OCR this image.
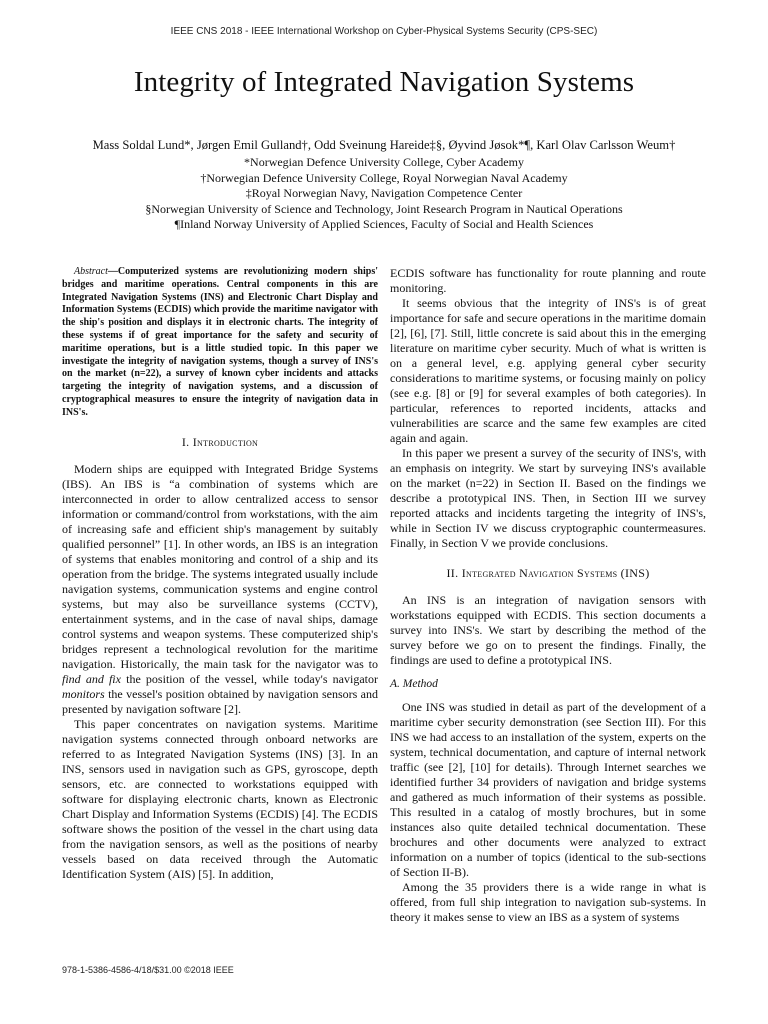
IEEE CNS 2018 - IEEE International Workshop on Cyber-Physical Systems Security (CPS-SEC)
Integrity of Integrated Navigation Systems
Mass Soldal Lund*, Jørgen Emil Gulland†, Odd Sveinung Hareide‡§, Øyvind Jøsok*¶, Karl Olav Carlsson Weum†
*Norwegian Defence University College, Cyber Academy
†Norwegian Defence University College, Royal Norwegian Naval Academy
‡Royal Norwegian Navy, Navigation Competence Center
§Norwegian University of Science and Technology, Joint Research Program in Nautical Operations
¶Inland Norway University of Applied Sciences, Faculty of Social and Health Sciences

Abstract—Computerized systems are revolutionizing modern ships' bridges and maritime operations. Central components in this are Integrated Navigation Systems (INS) and Electronic Chart Display and Information Systems (ECDIS) which provide the maritime navigator with the ship's position and displays it in electronic charts. The integrity of these systems if of great importance for the safety and security of maritime operations, but is a little studied topic. In this paper we investigate the integrity of navigation systems, though a survey of INS's on the market (n=22), a survey of known cyber incidents and attacks targeting the integrity of navigation systems, and a discussion of cryptographical measures to ensure the integrity of navigation data in INS's.

I. Introduction

Modern ships are equipped with Integrated Bridge Systems (IBS). An IBS is “a combination of systems which are interconnected in order to allow centralized access to sensor information or command/control from workstations, with the aim of increasing safe and efficient ship's management by suitably qualified personnel” [1]. In other words, an IBS is an integration of systems that enables monitoring and control of a ship and its operation from the bridge. The systems integrated usually include navigation systems, communication systems and engine control systems, but may also be surveillance systems (CCTV), entertainment systems, and in the case of naval ships, damage control systems and weapon systems. These computerized ship's bridges represent a technological revolution for the maritime navigation. Historically, the main task for the navigator was to find and fix the position of the vessel, while today's navigator monitors the vessel's position obtained by navigation sensors and presented by navigation software [2].

This paper concentrates on navigation systems. Maritime navigation systems connected through onboard networks are referred to as Integrated Navigation Systems (INS) [3]. In an INS, sensors used in navigation such as GPS, gyroscope, depth sensors, etc. are connected to workstations equipped with software for displaying electronic charts, known as Electronic Chart Display and Information Systems (ECDIS) [4]. The ECDIS software shows the position of the vessel in the chart using data from the navigation sensors, as well as the positions of nearby vessels based on data received through the Automatic Identification System (AIS) [5]. In addition,

ECDIS software has functionality for route planning and route monitoring.

It seems obvious that the integrity of INS's is of great importance for safe and secure operations in the maritime domain [2], [6], [7]. Still, little concrete is said about this in the emerging literature on maritime cyber security. Much of what is written is on a general level, e.g. applying general cyber security considerations to maritime systems, or focusing mainly on policy (see e.g. [8] or [9] for several examples of both categories). In particular, references to reported incidents, attacks and vulnerabilities are scarce and the same few examples are cited again and again.

In this paper we present a survey of the security of INS's, with an emphasis on integrity. We start by surveying INS's available on the market (n=22) in Section II. Based on the findings we describe a prototypical INS. Then, in Section III we survey reported attacks and incidents targeting the integrity of INS's, while in Section IV we discuss cryptographic countermeasures. Finally, in Section V we provide conclusions.

II. Integrated Navigation Systems (INS)

An INS is an integration of navigation sensors with workstations equipped with ECDIS. This section documents a survey into INS's. We start by describing the method of the survey before we go on to present the findings. Finally, the findings are used to define a prototypical INS.

A. Method

One INS was studied in detail as part of the development of a maritime cyber security demonstration (see Section III). For this INS we had access to an installation of the system, experts on the system, technical documentation, and capture of internal network traffic (see [2], [10] for details). Through Internet searches we identified further 34 providers of navigation and bridge systems and gathered as much information of their systems as possible. This resulted in a catalog of mostly brochures, but in some instances also quite detailed technical documentation. These brochures and other documents were analyzed to extract information on a number of topics (identical to the sub-sections of Section II-B).

Among the 35 providers there is a wide range in what is offered, from full ship integration to navigation sub-systems. In theory it makes sense to view an IBS as a system of systems

978-1-5386-4586-4/18/$31.00 ©2018 IEEE
